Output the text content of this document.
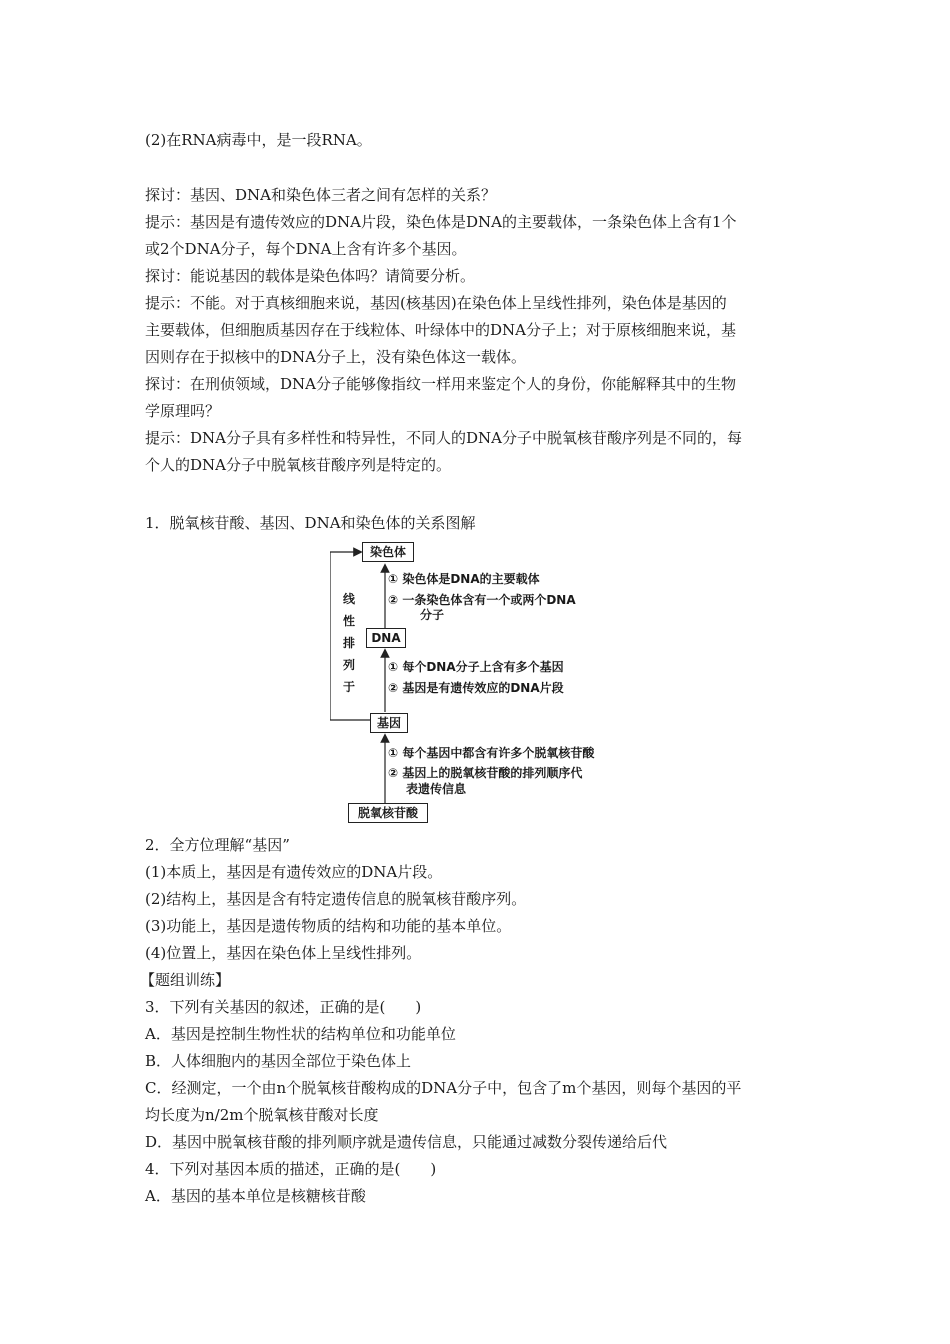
(2)在RNA病毒中，是一段RNA。
探讨：基因、DNA和染色体三者之间有怎样的关系？
提示：基因是有遗传效应的DNA片段，染色体是DNA的主要载体，一条染色体上含有1个
或2个DNA分子，每个DNA上含有许多个基因。
探讨：能说基因的载体是染色体吗？请简要分析。
提示：不能。对于真核细胞来说，基因(核基因)在染色体上呈线性排列，染色体是基因的
主要载体，但细胞质基因存在于线粒体、叶绿体中的DNA分子上；对于原核细胞来说，基
因则存在于拟核中的DNA分子上，没有染色体这一载体。
探讨：在刑侦领域，DNA分子能够像指纹一样用来鉴定个人的身份，你能解释其中的生物
学原理吗？
提示：DNA分子具有多样性和特异性，不同人的DNA分子中脱氧核苷酸序列是不同的，每
个人的DNA分子中脱氧核苷酸序列是特定的。
1．脱氧核苷酸、基因、DNA和染色体的关系图解
染色体
DNA
基因
脱氧核苷酸
线
性
排
列
于
① 染色体是DNA的主要载体
② 一条染色体含有一个或两个DNA
分子
① 每个DNA分子上含有多个基因
② 基因是有遗传效应的DNA片段
① 每个基因中都含有许多个脱氧核苷酸
② 基因上的脱氧核苷酸的排列顺序代
表遗传信息
2．全方位理解“基因”
(1)本质上，基因是有遗传效应的DNA片段。
(2)结构上，基因是含有特定遗传信息的脱氧核苷酸序列。
(3)功能上，基因是遗传物质的结构和功能的基本单位。
(4)位置上，基因在染色体上呈线性排列。
【题组训练】
3．下列有关基因的叙述，正确的是(　　)
A．基因是控制生物性状的结构单位和功能单位
B．人体细胞内的基因全部位于染色体上
C．经测定，一个由n个脱氧核苷酸构成的DNA分子中，包含了m个基因，则每个基因的平
均长度为n/2m个脱氧核苷酸对长度
D．基因中脱氧核苷酸的排列顺序就是遗传信息，只能通过减数分裂传递给后代
4．下列对基因本质的描述，正确的是(　　)
A．基因的基本单位是核糖核苷酸
